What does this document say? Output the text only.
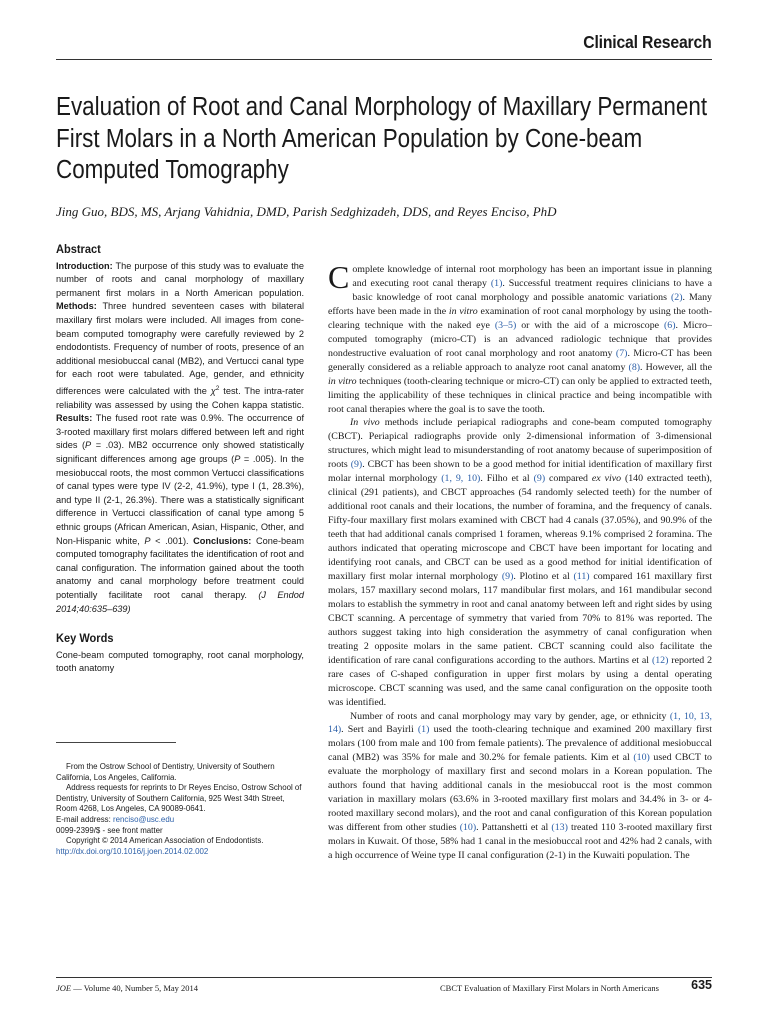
Clinical Research
Evaluation of Root and Canal Morphology of Maxillary Permanent First Molars in a North American Population by Cone-beam Computed Tomography
Jing Guo, BDS, MS, Arjang Vahidnia, DMD, Parish Sedghizadeh, DDS, and Reyes Enciso, PhD
Abstract

Introduction: The purpose of this study was to evaluate the number of roots and canal morphology of maxillary permanent first molars in a North American population. Methods: Three hundred seventeen cases with bilateral maxillary first molars were included. All images from cone-beam computed tomography were carefully reviewed by 2 endodontists. Frequency of number of roots, presence of an additional mesiobuccal canal (MB2), and Vertucci canal type for each root were tabulated. Age, gender, and ethnicity differences were calculated with the $\chi^2$ test. The intra-rater reliability was assessed by using the Cohen kappa statistic. Results: The fused root rate was 0.9%. The occurrence of 3-rooted maxillary first molars differed between left and right sides (P = .03). MB2 occurrence only showed statistically significant differences among age groups (P = .005). In the mesiobuccal roots, the most common Vertucci classifications of canal types were type IV (2-2, 41.9%), type I (1, 28.3%), and type II (2-1, 26.3%). There was a statistically significant difference in Vertucci classification of canal type among 5 ethnic groups (African American, Asian, Hispanic, Other, and Non-Hispanic white, P < .001). Conclusions: Cone-beam computed tomography facilitates the identification of root and canal configuration. The information gained about the tooth anatomy and canal morphology before treatment could potentially facilitate root canal therapy. (J Endod 2014;40:635–639)

Key Words

Cone-beam computed tomography, root canal morphology, tooth anatomy

From the Ostrow School of Dentistry, University of Southern California, Los Angeles, California.

Address requests for reprints to Dr Reyes Enciso, Ostrow School of Dentistry, University of Southern California, 925 West 34th Street, Room 4268, Los Angeles, CA 90089-0641.

E-mail address: renciso@usc.edu

0099-2399/$ - see front matter

Copyright © 2014 American Association of Endodontists.

http://dx.doi.org/10.1016/j.joen.2014.02.002

Complete knowledge of internal root morphology has been an important issue in planning and executing root canal therapy (1). Successful treatment requires clinicians to have a basic knowledge of root canal morphology and possible anatomic variations (2). Many efforts have been made in the in vitro examination of root canal morphology by using the tooth-clearing technique with the naked eye (3–5) or with the aid of a microscope (6). Micro–computed tomography (micro-CT) is an advanced radiologic technique that provides nondestructive evaluation of root canal morphology and root anatomy (7). Micro-CT has been generally considered as a reliable approach to analyze root canal anatomy (8). However, all the in vitro techniques (tooth-clearing technique or micro-CT) can only be applied to extracted teeth, limiting the applicability of these techniques in clinical practice and being incompatible with root canal therapies where the goal is to save the tooth.

In vivo methods include periapical radiographs and cone-beam computed tomography (CBCT). Periapical radiographs provide only 2-dimensional information of 3-dimensional structures, which might lead to misunderstanding of root anatomy because of superimposition of roots (9). CBCT has been shown to be a good method for initial identification of maxillary first molar internal morphology (1, 9, 10). Filho et al (9) compared ex vivo (140 extracted teeth), clinical (291 patients), and CBCT approaches (54 randomly selected teeth) for the number of additional root canals and their locations, the number of foramina, and the frequency of canals. Fifty-four maxillary first molars examined with CBCT had 4 canals (37.05%), and 90.9% of the teeth that had additional canals comprised 1 foramen, whereas 9.1% comprised 2 foramina. The authors indicated that operating microscope and CBCT have been important for locating and identifying root canals, and CBCT can be used as a good method for initial identification of maxillary first molar internal morphology (9). Plotino et al (11) compared 161 maxillary first molars, 157 maxillary second molars, 117 mandibular first molars, and 161 mandibular second molars to establish the symmetry in root and canal anatomy between left and right sides by using CBCT scanning. A percentage of symmetry that varied from 70% to 81% was reported. The authors suggest taking into high consideration the asymmetry of canal configuration when treating 2 opposite molars in the same patient. CBCT scanning could also facilitate the identification of rare canal configurations according to the authors. Martins et al (12) reported 2 rare cases of C-shaped configuration in upper first molars by using a dental operating microscope. CBCT scanning was used, and the same canal configuration on the opposite tooth was identified.

Number of roots and canal morphology may vary by gender, age, or ethnicity (1, 10, 13, 14). Sert and Bayirli (1) used the tooth-clearing technique and examined 200 maxillary first molars (100 from male and 100 from female patients). The prevalence of additional mesiobuccal canal (MB2) was 35% for male and 30.2% for female patients. Kim et al (10) used CBCT to evaluate the morphology of maxillary first and second molars in a Korean population. The authors found that having additional canals in the mesiobuccal root is the most common variation in maxillary molars (63.6% in 3-rooted maxillary first molars and 34.4% in 3- or 4-rooted maxillary second molars), and the root and canal configuration of this Korean population was different from other studies (10). Pattanshetti et al (13) treated 110 3-rooted maxillary first molars in Kuwait. Of those, 58% had 1 canal in the mesiobuccal root and 42% had 2 canals, with a high occurrence of Weine type II canal configuration (2-1) in the Kuwaiti population. The

JOE — Volume 40, Number 5, May 2014	CBCT Evaluation of Maxillary First Molars in North Americans	635
